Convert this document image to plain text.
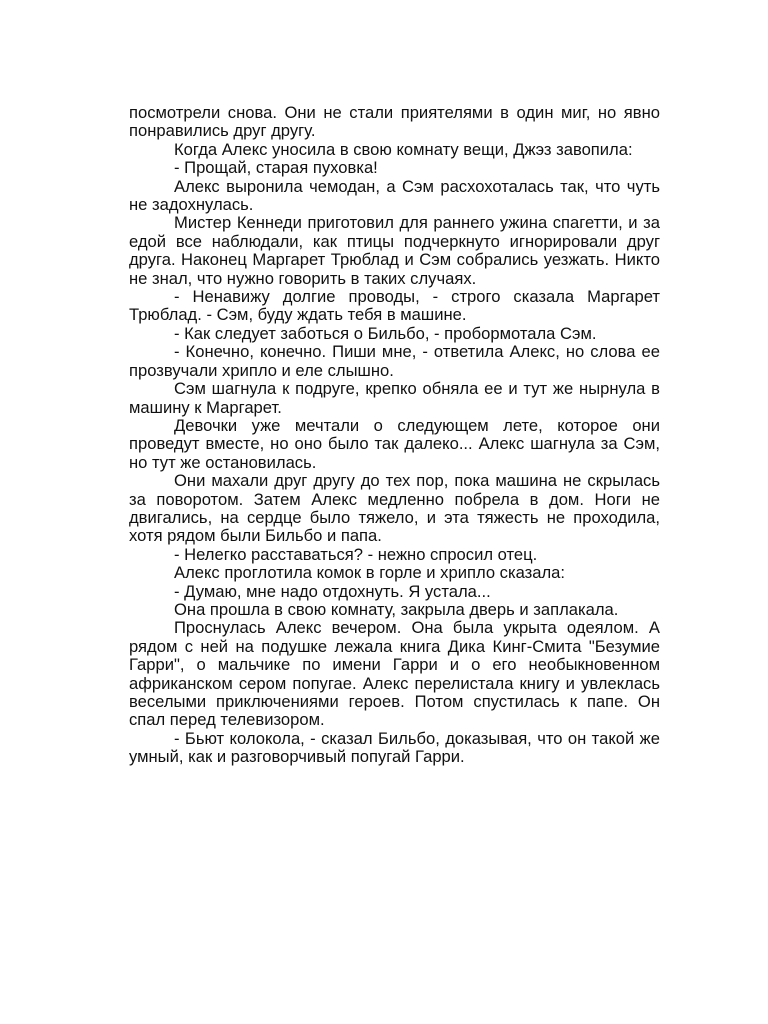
посмотрели снова. Они не стали приятелями в один миг, но явно понравились друг другу.

Когда Алекс уносила в свою комнату вещи, Джэз завопила:

- Прощай, старая пуховка!

Алекс выронила чемодан, а Сэм расхохоталась так, что чуть не задохнулась.

Мистер Кеннеди приготовил для раннего ужина спагетти, и за едой все наблюдали, как птицы подчеркнуто игнорировали друг друга. Наконец Маргарет Трюблад и Сэм собрались уезжать. Никто не знал, что нужно говорить в таких случаях.

- Ненавижу долгие проводы, - строго сказала Маргарет Трюблад. - Сэм, буду ждать тебя в машине.

- Как следует заботься о Бильбо, - пробормотала Сэм.

- Конечно, конечно. Пиши мне, - ответила Алекс, но слова ее прозвучали хрипло и еле слышно.

Сэм шагнула к подруге, крепко обняла ее и тут же нырнула в машину к Маргарет.

Девочки уже мечтали о следующем лете, которое они проведут вместе, но оно было так далеко... Алекс шагнула за Сэм, но тут же остановилась.

Они махали друг другу до тех пор, пока машина не скрылась за поворотом. Затем Алекс медленно побрела в дом. Ноги не двигались, на сердце было тяжело, и эта тяжесть не проходила, хотя рядом были Бильбо и папа.

- Нелегко расставаться? - нежно спросил отец.

Алекс проглотила комок в горле и хрипло сказала:

- Думаю, мне надо отдохнуть. Я устала...

Она прошла в свою комнату, закрыла дверь и заплакала.

Проснулась Алекс вечером. Она была укрыта одеялом. А рядом с ней на подушке лежала книга Дика Кинг-Смита "Безумие Гарри", о мальчике по имени Гарри и о его необыкновенном африканском сером попугае. Алекс перелистала книгу и увлеклась веселыми приключениями героев. Потом спустилась к папе. Он спал перед телевизором.

- Бьют колокола, - сказал Бильбо, доказывая, что он такой же умный, как и разговорчивый попугай Гарри.
